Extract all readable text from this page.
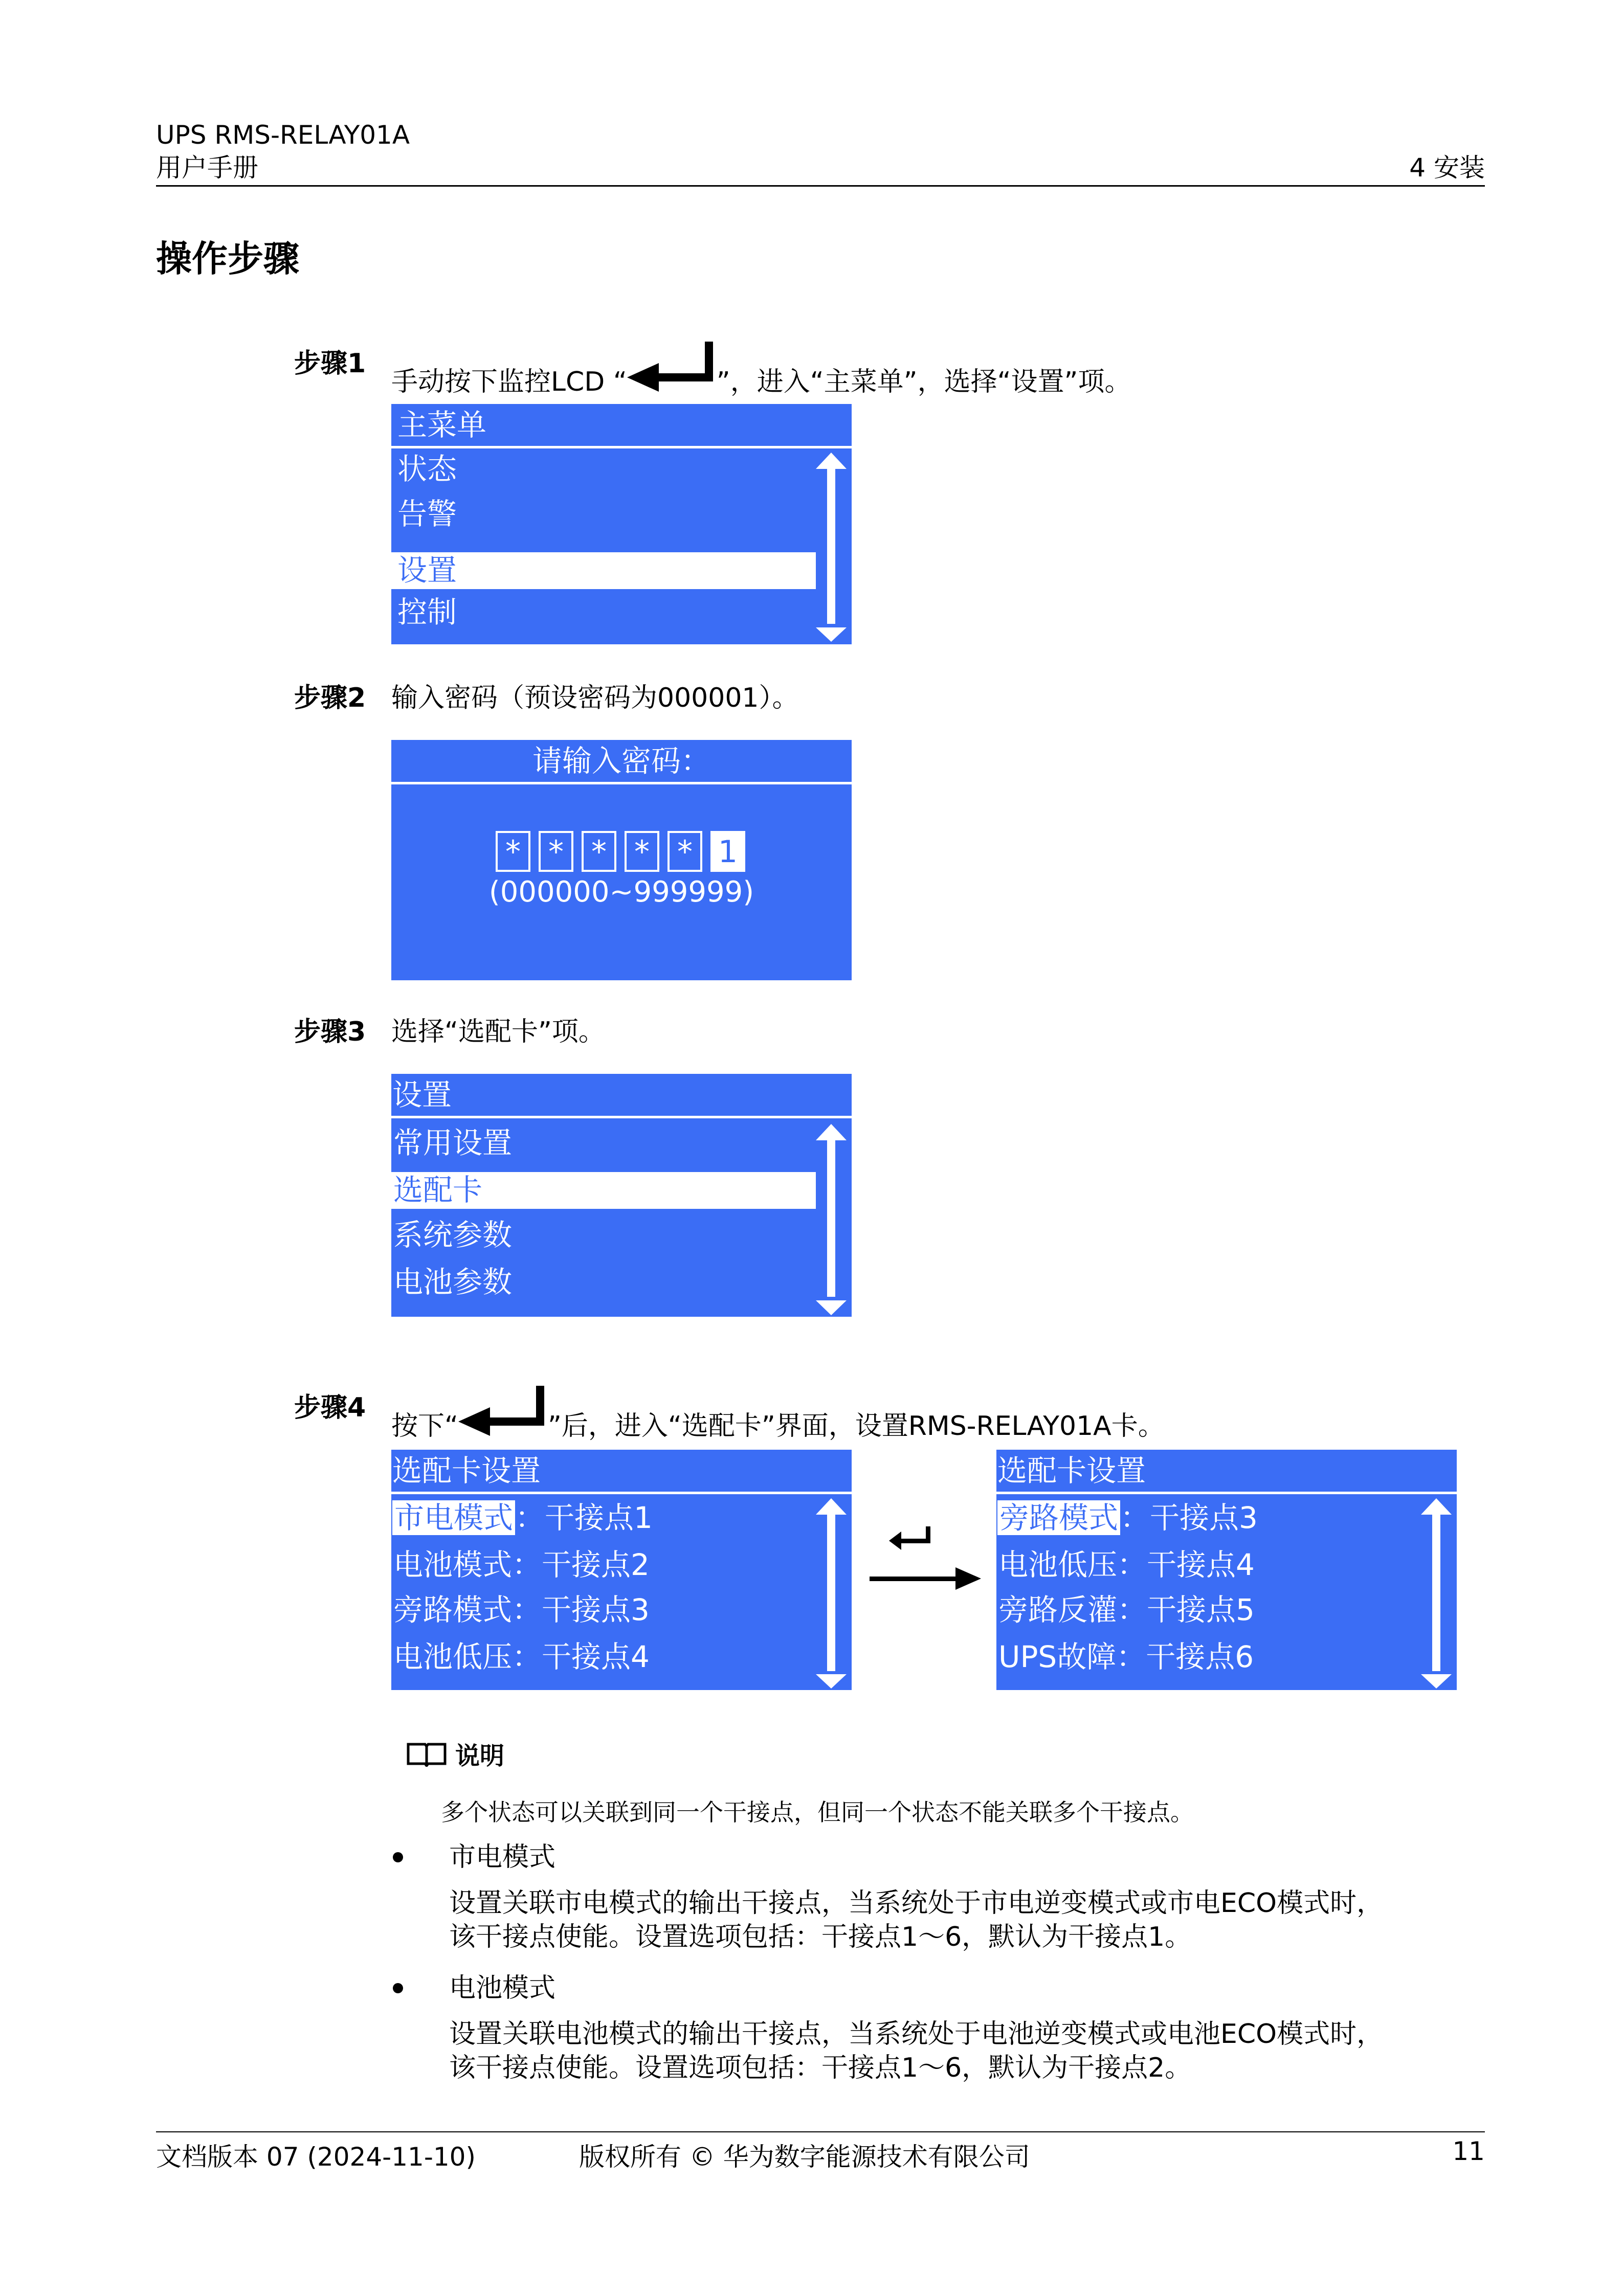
UPS RMS-RELAY01A
用户手册	4 安装
操作步骤
步骤1
手动按下监控LCD “	”，进入“主菜单”，选择“设置”项。
主菜单
状态
告警
设置
控制
步骤2 输入密码（预设密码为000001）。
请输入密码：
* * * * * 1
(000000~999999)
步骤3 选择“选配卡”项。
设置
常用设置
选配卡
系统参数
电池参数
步骤4
按下“	”后，进入“选配卡”界面，设置RMS-RELAY01A卡。
选配卡设置
市电模式：干接点1
电池模式：干接点2
旁路模式：干接点3
电池低压：干接点4
选配卡设置
旁路模式：干接点3
电池低压：干接点4
旁路反灌：干接点5
UPS故障：干接点6
说明
多个状态可以关联到同一个干接点，但同一个状态不能关联多个干接点。
市电模式
设置关联市电模式的输出干接点，当系统处于市电逆变模式或市电ECO模式时，
该干接点使能。设置选项包括：干接点1～6，默认为干接点1。
电池模式
设置关联电池模式的输出干接点，当系统处于电池逆变模式或电池ECO模式时，
该干接点使能。设置选项包括：干接点1～6，默认为干接点2。
文档版本 07 (2024-11-10)	版权所有 © 华为数字能源技术有限公司	11
